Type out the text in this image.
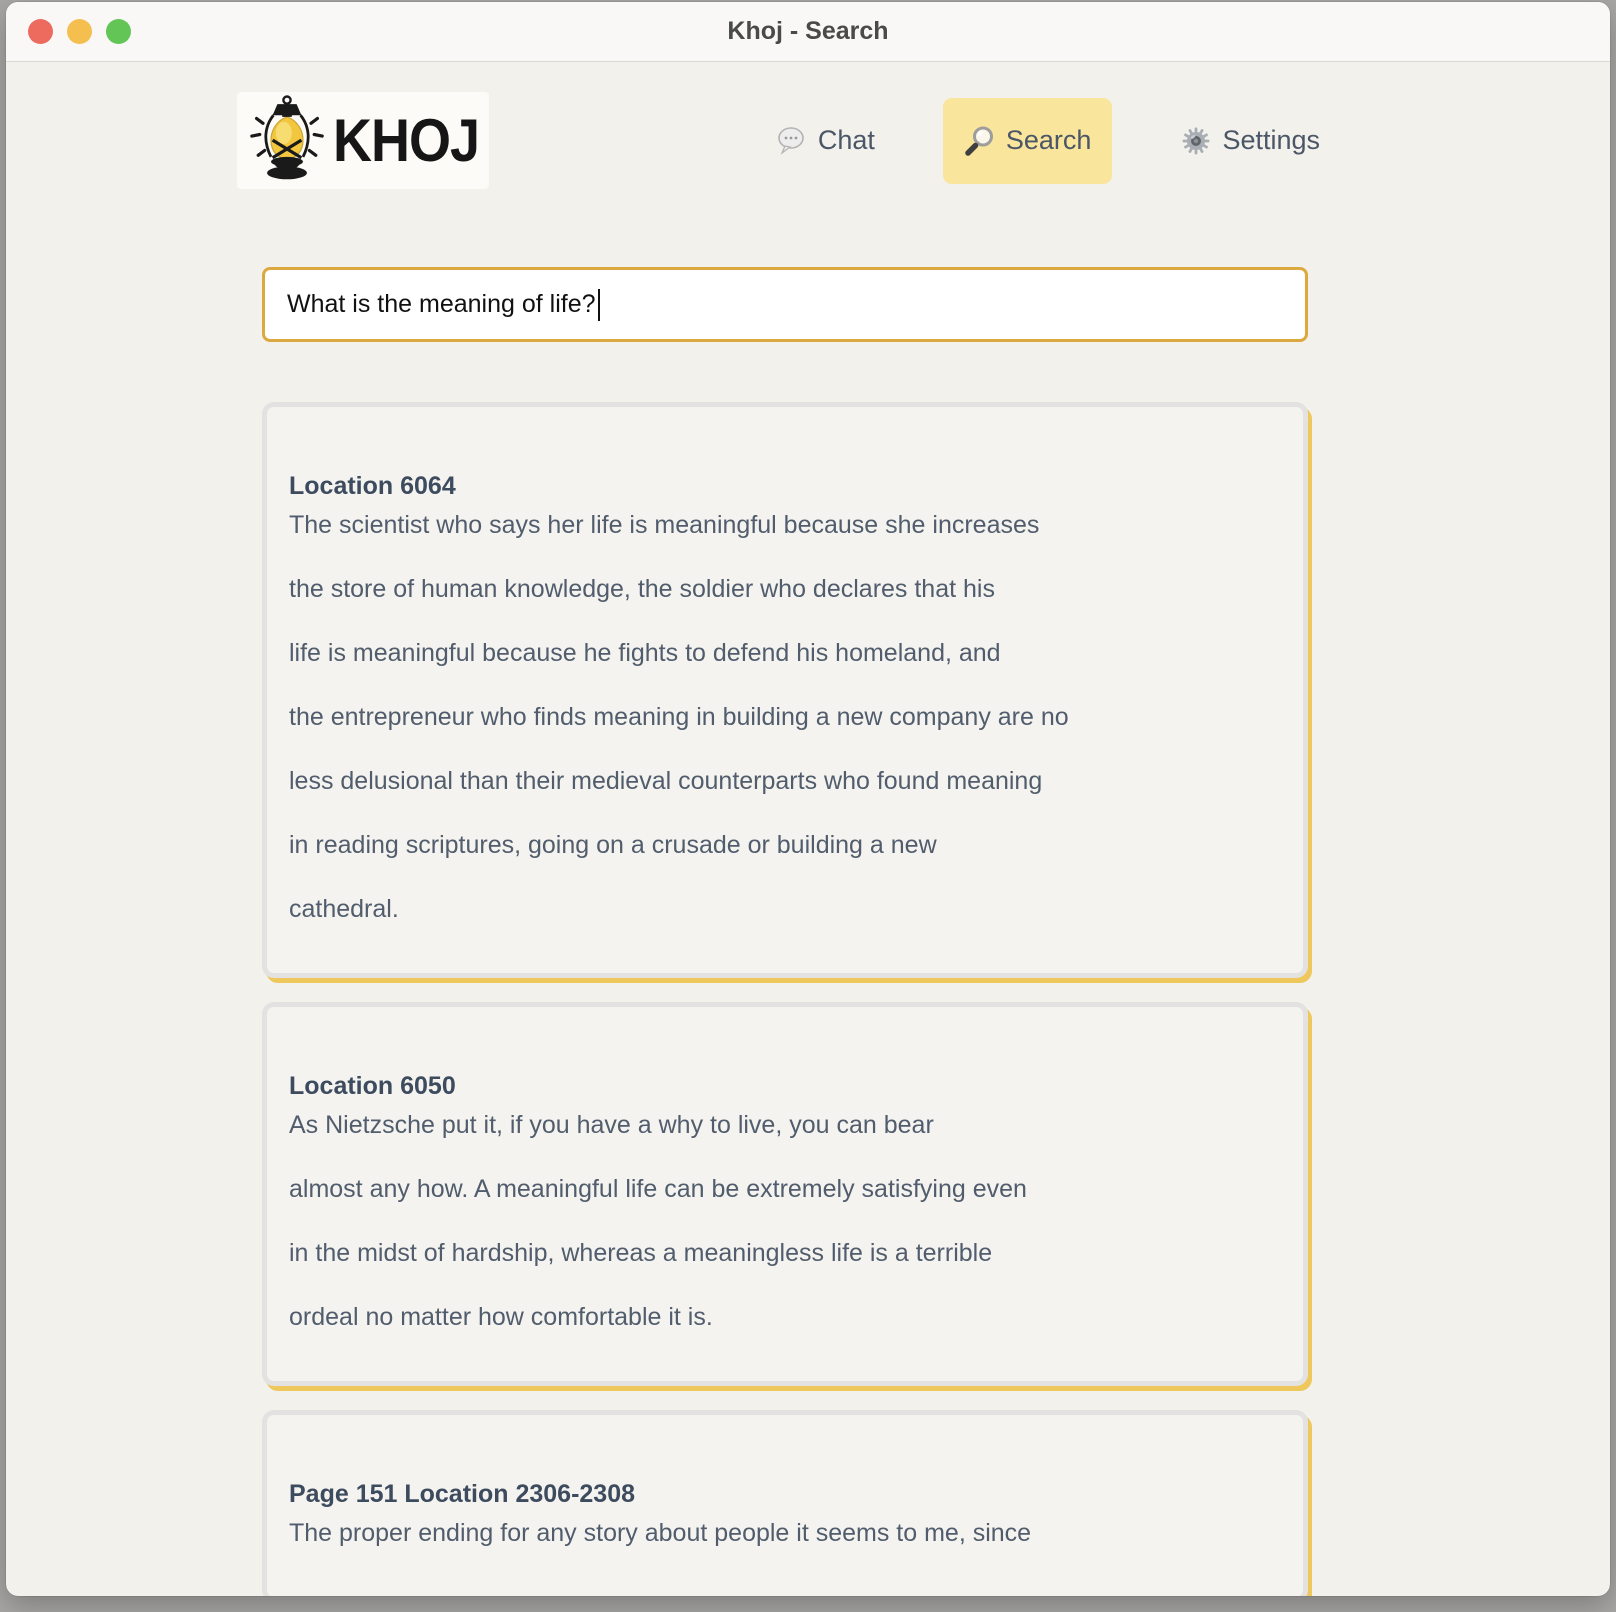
Khoj - Search
KHOJ	Chat	Search	Settings
What is the meaning of life?

Location 6064
The scientist who says her life is meaningful because she increases

the store of human knowledge, the soldier who declares that his

life is meaningful because he fights to defend his homeland, and

the entrepreneur who finds meaning in building a new company are no

less delusional than their medieval counterparts who found meaning

in reading scriptures, going on a crusade or building a new

cathedral.

Location 6050
As Nietzsche put it, if you have a why to live, you can bear

almost any how. A meaningful life can be extremely satisfying even

in the midst of hardship, whereas a meaningless life is a terrible

ordeal no matter how comfortable it is.

Page 151 Location 2306-2308
The proper ending for any story about people it seems to me, since
